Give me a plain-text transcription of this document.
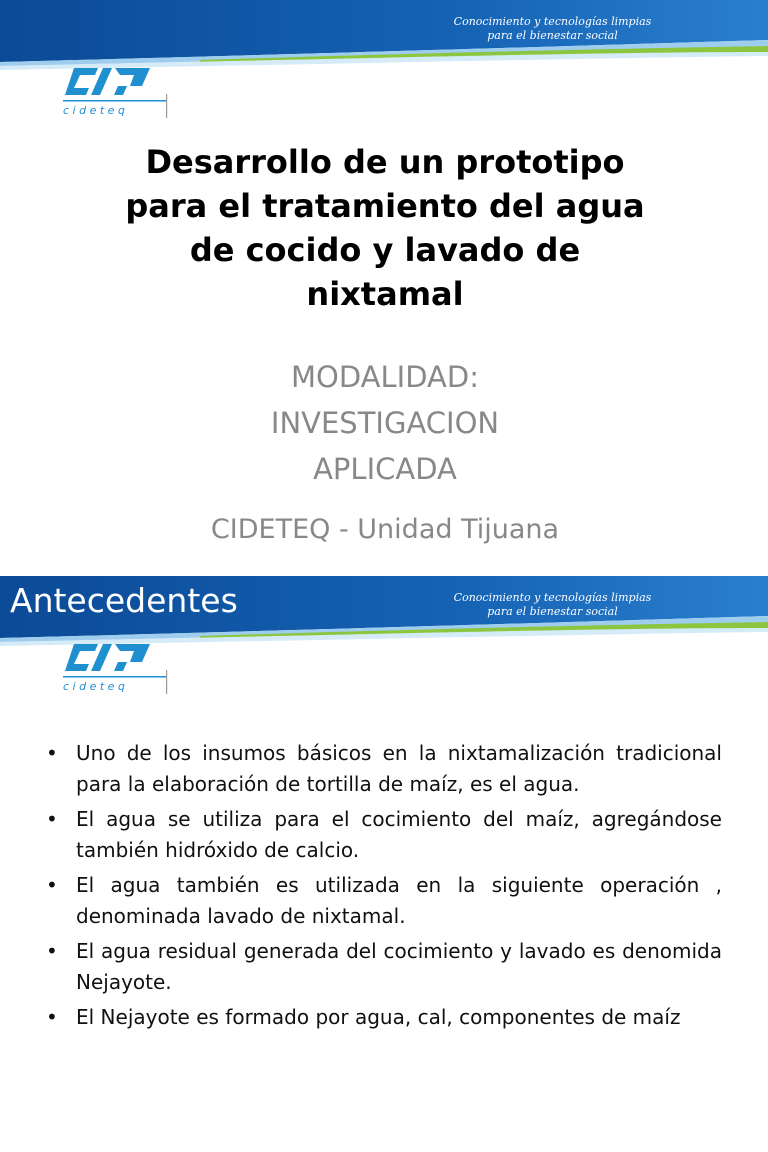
Conocimiento y tecnologías limpias
para el bienestar social
c i d e t e q
Desarrollo de un prototipo para el tratamiento del agua de cocido y lavado de nixtamal
MODALIDAD:
INVESTIGACION
APLICADA
CIDETEQ - Unidad Tijuana
Antecedentes	Conocimiento y tecnologías limpias
para el bienestar social
c i d e t e q
• Uno de los insumos básicos en la nixtamalización tradicional para la elaboración de tortilla de maíz, es el agua.
• El agua se utiliza para el cocimiento del maíz, agregándose también hidróxido de calcio.
• El agua también es utilizada en la siguiente operación , denominada lavado de nixtamal.
• El agua residual generada del cocimiento y lavado es denomida Nejayote.
• El Nejayote es formado por agua, cal, componentes de maíz
